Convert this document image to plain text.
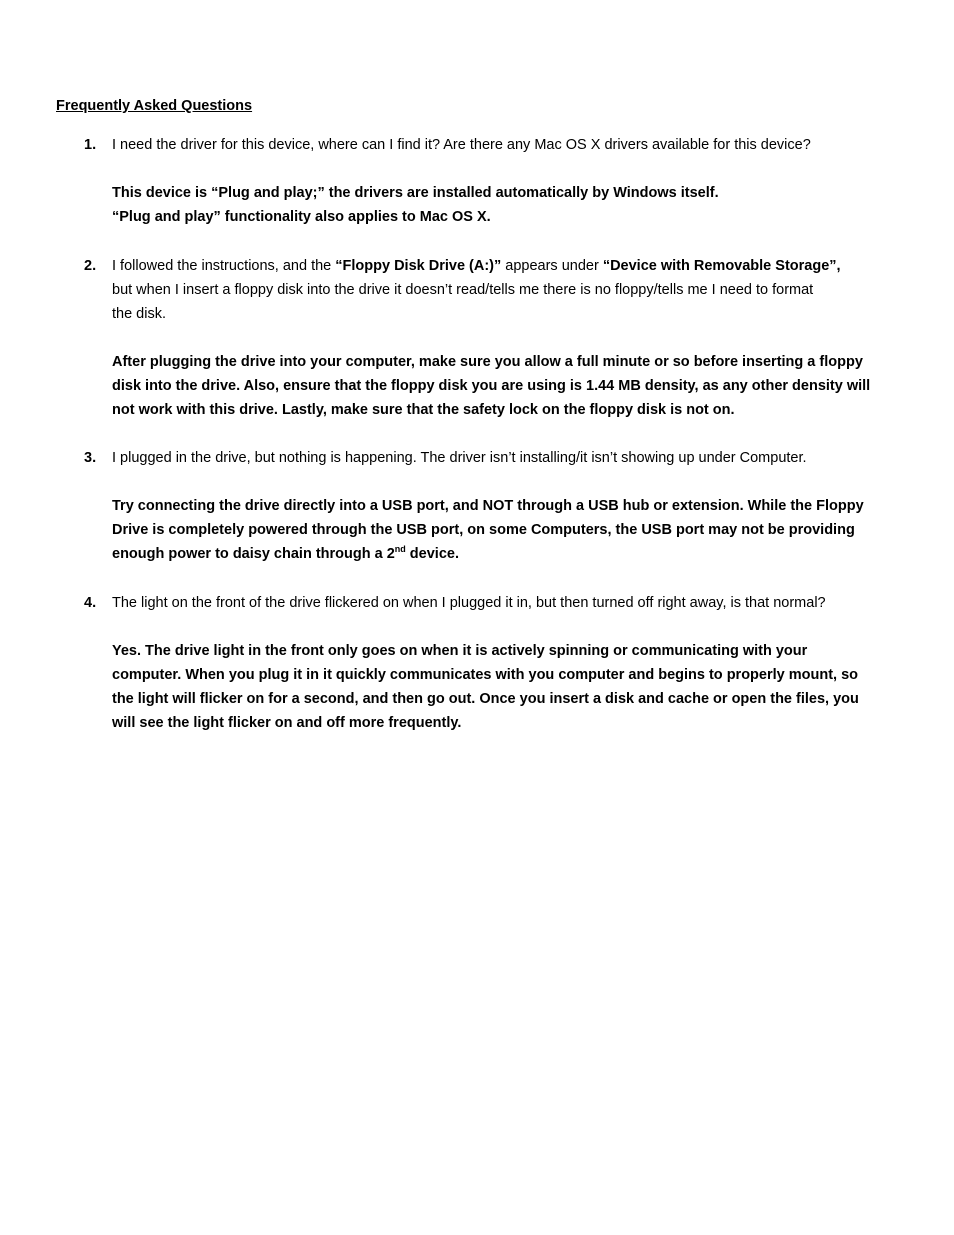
Frequently Asked Questions
1. I need the driver for this device, where can I find it? Are there any Mac OS X drivers available for this device?
This device is “Plug and play;” the drivers are installed automatically by Windows itself.
“Plug and play” functionality also applies to Mac OS X.
2. I followed the instructions, and the “Floppy Disk Drive (A:)” appears under “Device with Removable Storage”,
but when I insert a floppy disk into the drive it doesn’t read/tells me there is no floppy/tells me I need to format
the disk.
After plugging the drive into your computer, make sure you allow a full minute or so before inserting a floppy
disk into the drive. Also, ensure that the floppy disk you are using is 1.44 MB density, as any other density will
not work with this drive. Lastly, make sure that the safety lock on the floppy disk is not on.
3. I plugged in the drive, but nothing is happening. The driver isn’t installing/it isn’t showing up under Computer.
Try connecting the drive directly into a USB port, and NOT through a USB hub or extension. While the Floppy
Drive is completely powered through the USB port, on some Computers, the USB port may not be providing
enough power to daisy chain through a 2nd device.
4. The light on the front of the drive flickered on when I plugged it in, but then turned off right away, is that normal?
Yes. The drive light in the front only goes on when it is actively spinning or communicating with your
computer. When you plug it in it quickly communicates with you computer and begins to properly mount, so
the light will flicker on for a second, and then go out. Once you insert a disk and cache or open the files, you
will see the light flicker on and off more frequently.
